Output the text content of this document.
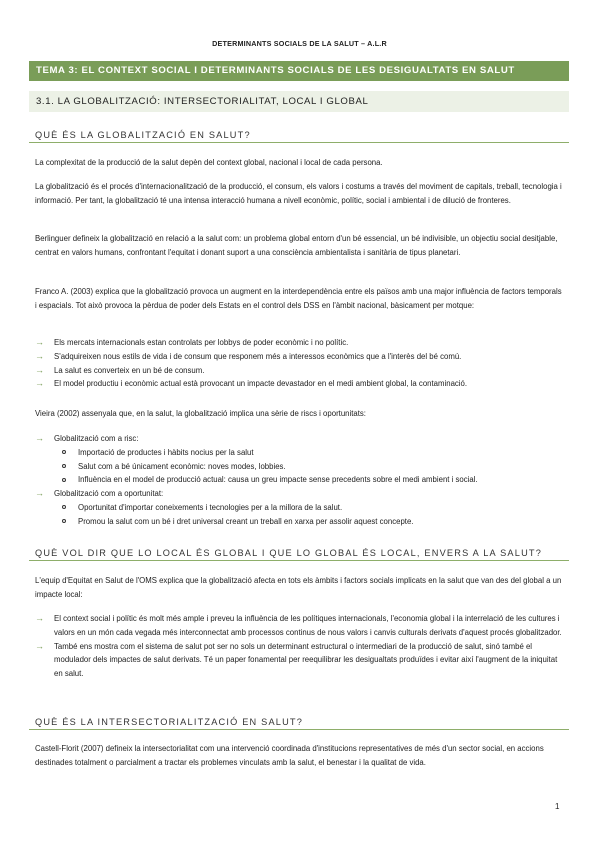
DETERMINANTS SOCIALS DE LA SALUT – A.L.R
TEMA 3: EL CONTEXT SOCIAL I DETERMINANTS SOCIALS DE LES DESIGUALTATS EN SALUT
3.1. LA GLOBALITZACIÓ: INTERSECTORIALITAT, LOCAL I GLOBAL
QUÈ ÉS LA GLOBALITZACIÓ EN SALUT?

La complexitat de la producció de la salut depèn del context global, nacional i local de cada persona.

La globalització és el procés d'internacionalització de la producció, el consum, els valors i costums a través del moviment de capitals, treball, tecnologia i informació. Per tant, la globalització té una intensa interacció humana a nivell econòmic, polític, social i ambiental i de dilució de fronteres.

Berlinguer defineix la globalització en relació a la salut com: un problema global entorn d'un bé essencial, un bé indivisible, un objectiu social desitjable, centrat en valors humans, confrontant l'equitat i donant suport a una consciència ambientalista i sanitària de tipus planetari.

Franco A. (2003) explica que la globalització provoca un augment en la interdependència entre els països amb una major influència de factors temporals i espacials. Tot això provoca la pèrdua de poder dels Estats en el control dels DSS en l'àmbit nacional, bàsicament per motque:

→ Els mercats internacionals estan controlats per lobbys de poder econòmic i no polític.
→ S'adquireixen nous estils de vida i de consum que responem més a interessos econòmics que a l'interès del bé comú.
→ La salut es converteix en un bé de consum.
→ El model productiu i econòmic actual està provocant un impacte devastador en el medi ambient global, la contaminació.

Vieira (2002) assenyala que, en la salut, la globalització implica una sèrie de riscs i oportunitats:

→ Globalització com a risc:
Importació de productes i hàbits nocius per la salut
Salut com a bé únicament econòmic: noves modes, lobbies.
Influència en el model de producció actual: causa un greu impacte sense precedents sobre el medi ambient i social.
→ Globalització com a oportunitat:
Oportunitat d'importar coneixements i tecnologies per a la millora de la salut.
Promou la salut com un bé i dret universal creant un treball en xarxa per assolir aquest concepte.
QUÈ VOL DIR QUE LO LOCAL ÉS GLOBAL I QUE LO GLOBAL ÉS LOCAL, ENVERS A LA SALUT?

L'equip d'Equitat en Salut de l'OMS explica que la globalització afecta en tots els àmbits i factors socials implicats en la salut que van des del global a un impacte local:

→ El context social i polític és molt més ample i preveu la influència de les polítiques internacionals, l'economia global i la interrelació de les cultures i valors en un món cada vegada més interconnectat amb processos continus de nous valors i canvis culturals derivats d'aquest procés globalitzador.
→ També ens mostra com el sistema de salut pot ser no sols un determinant estructural o intermediari de la producció de salut, sinó també el modulador dels impactes de salut derivats. Té un paper fonamental per reequilibrar les desigualtats produïdes i evitar així l'augment de la iniquitat en salut.
QUÈ ÉS LA INTERSECTORIALITZACIÓ EN SALUT?

Castell-Florit (2007) defineix la intersectorialitat com una intervenció coordinada d'institucions representatives de més d'un sector social, en accions destinades totalment o parcialment a tractar els problemes vinculats amb la salut, el benestar i la qualitat de vida.

1
